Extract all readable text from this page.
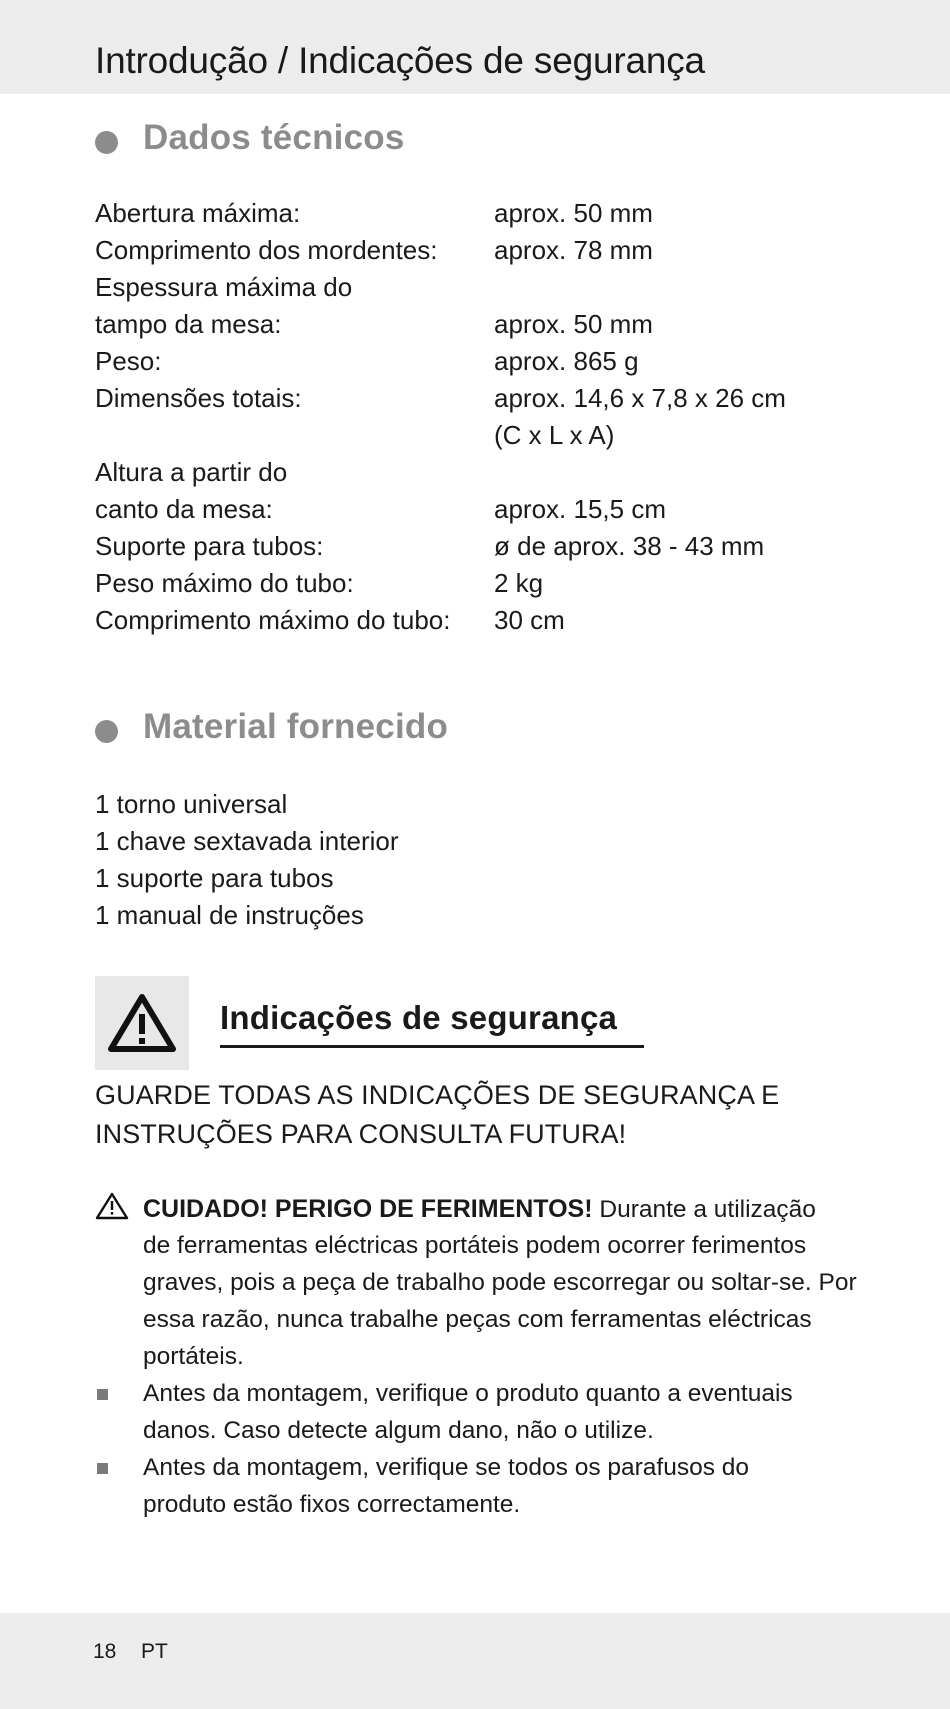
Introdução / Indicações de segurança
Dados técnicos
Abertura máxima:	aprox. 50 mm
Comprimento dos mordentes: aprox. 78 mm
Espessura máxima do
tampo da mesa:	aprox. 50 mm
Peso:	aprox. 865 g
Dimensões totais:	aprox. 14,6 x 7,8 x 26 cm
(C x L x A)
Altura a partir do
canto da mesa:	aprox. 15,5 cm
Suporte para tubos:	ø de aprox. 38 - 43 mm
Peso máximo do tubo:	2 kg
Comprimento máximo do tubo: 30 cm
Material fornecido
1 torno universal
1 chave sextavada interior
1 suporte para tubos
1 manual de instruções
Indicações de segurança
GUARDE TODAS AS INDICAÇÕES DE SEGURANÇA E
INSTRUÇÕES PARA CONSULTA FUTURA!
CUIDADO! PERIGO DE FERIMENTOS! Durante a utilização
de ferramentas eléctricas portáteis podem ocorrer ferimentos
graves, pois a peça de trabalho pode escorregar ou soltar-se. Por
essa razão, nunca trabalhe peças com ferramentas eléctricas
portáteis.
Antes da montagem, verifique o produto quanto a eventuais
danos. Caso detecte algum dano, não o utilize.
Antes da montagem, verifique se todos os parafusos do
produto estão fixos correctamente.
18 PT
